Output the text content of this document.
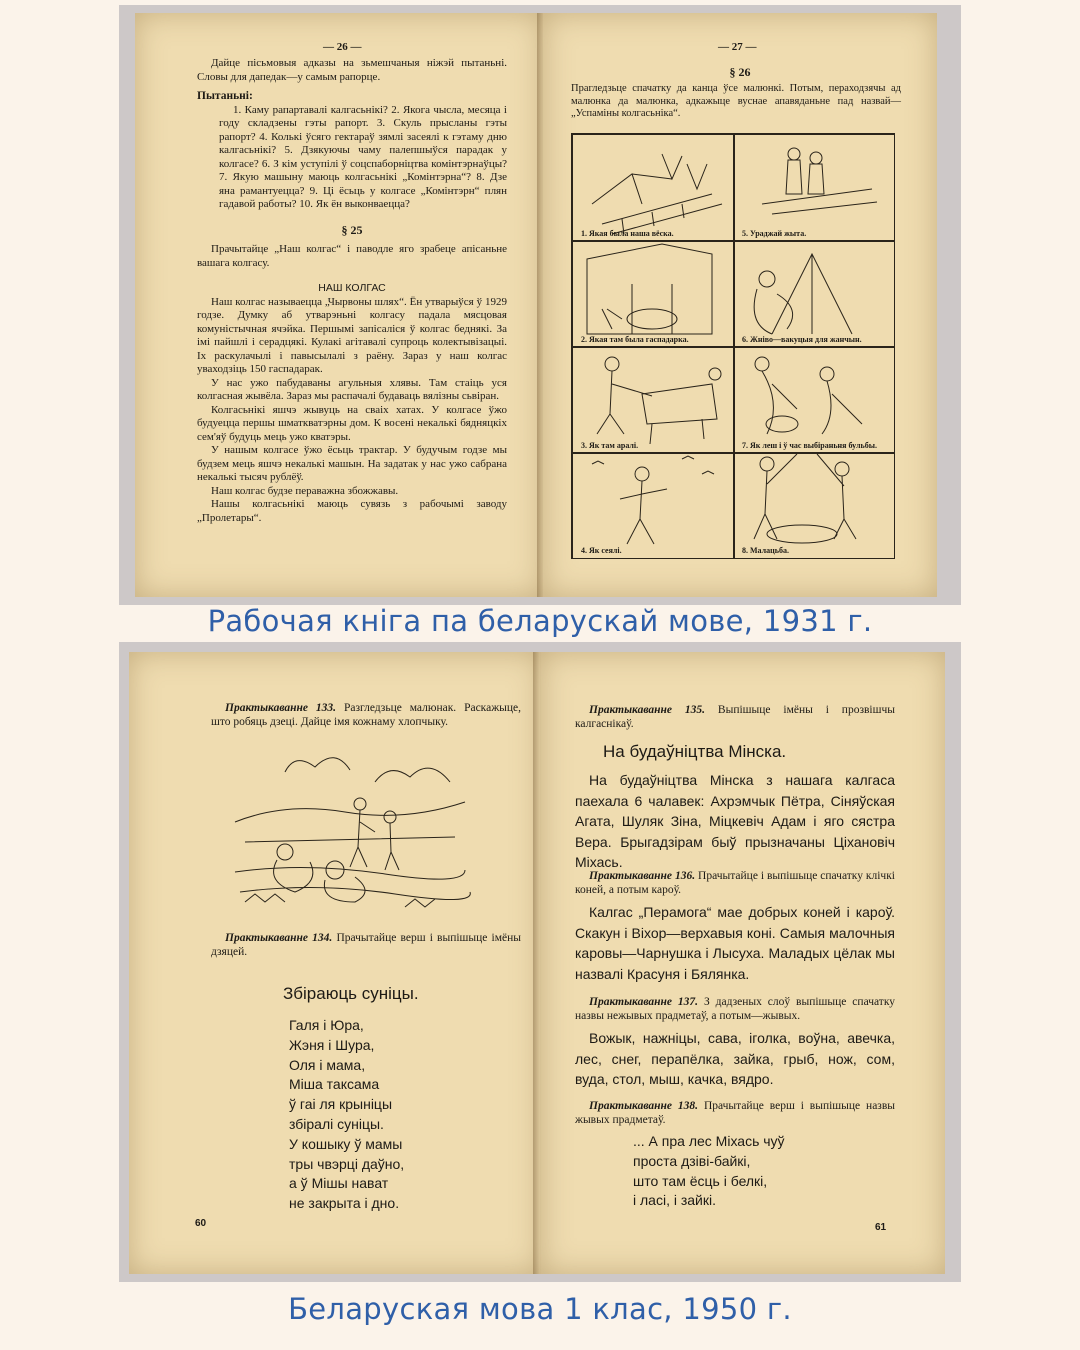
— 26 —

Дайце пісьмовыя адказы на зьмешчаныя ніжэй пытаньні. Словы для дапедак—у самым рапорце.

Пытаньні:

1. Каму рапартавалі калгасьнікі? 2. Якога чысла, месяца і году складзены гэты рапорт. 3. Скуль прысланы гэты рапорт? 4. Колькі ўсяго гектараў зямлі засеялі к гэтаму дню калгасьнікі? 5. Дзякуючы чаму палепшыўся парадак у колгасе? 6. З кім уступілі ў соцспаборніцтва комінтэрнаўцы? 7. Якую машыну маюць колгасьнікі „Комінтэрна“? 8. Дзе яна рамантуецца? 9. Ці ёсьць у колгасе „Комінтэрн“ плян гадавой работы? 10. Як ён выконваецца?

§ 25

Прачытайце „Наш колгас“ і паводле яго зрабеце апісаньне вашага колгасу.

НАШ КОЛГАС

Наш колгас называецца „Чырвоны шлях“. Ён утварыўся ў 1929 годзе. Думку аб утварэньні колгасу падала мясцовая комуністычная ячэйка. Першымі запісаліся ў колгас беднякі. За імі пайшлі і серадцякі. Кулакі агітавалі супроць колектывізацыі. Іх раскулачылі і павысылалі з раёну. Зараз у наш колгас уваходзіць 150 гаспадарак.

У нас ужо пабудаваны агульныя хлявы. Там стаіць уся колгасная жывёла. Зараз мы распачалі будаваць вялізны сьвіран.

Колгасьнікі яшчэ жывуць на сваіх хатах. У колгасе ўжо будуецца першы шматкватэрны дом. К восені некалькі бядняцкіх сем'яў будуць мець ужо кватэры.

У нашым колгасе ўжо ёсьць трактар. У будучым годзе мы будзем мець яшчэ некалькі машын. На задатак у нас ужо сабрана некалькі тысяч рублёў.

Наш колгас будзе пераважна збожжавы.

Нашы колгасьнікі маюць сувязь з рабочымі заводу „Пролетары“.

— 27 —
§ 26
Прагледзьце спачатку да канца ўсе малюнкі. Потым, пераходзячы ад малюнка да малюнка, адкажыце вуснае апавяданьне пад назвай—„Успаміны колгасьніка“.
1. Якая была наша вёска.	5. Ураджай жыта.
2. Якая там была гаспадарка.	6. Жніво—вакуцыя для жанчын.
3. Як там аралі.	7. Як леш і ў час выбіраньня бульбы.
4. Як сеялі.	8. Малацьба.
Рабочая кніга па беларускай мове, 1931 г.

Практыкаванне 133. Разгледзьце малюнак. Раскажыце, што робяць дзеці. Дайце імя кожнаму хлопчыку.

Практыкаванне 134. Прачытайце верш і выпішыце імёны дзяцей.

Збіраюць суніцы.
Галя і Юра,
Жэня і Шура,
Оля і мама,
Міша таксама
ў гаі ля крыніцы
збіралі суніцы.
У кошыку ў мамы
тры чвэрці даўно,
а ў Мішы нават
не закрыта і дно.
60

Практыкаванне 135. Выпішыце імёны і прозвішчы калгаснікаў.

На будаўніцтва Мінска.

На будаўніцтва Мінска з нашага калгаса паехала 6 чалавек: Ахрэмчык Пётра, Сіняўская Агата, Шуляк Зіна, Міцкевіч Адам і яго сястра Вера. Брыгадзірам быў прызначаны Ціхановіч Міхась.

Практыкаванне 136. Прачытайце і выпішыце спачатку клічкі коней, а потым кароў.

Калгас „Перамога“ мае добрых коней і кароў. Скакун і Віхор—верхавыя коні. Самыя малочныя каровы—Чарнушка і Лысуха. Маладых цёлак мы назвалі Красуня і Бялянка.

Практыкаванне 137. З дадзеных слоў выпішыце спачатку назвы нежывых прадметаў, а потым—жывых.

Вожык, нажніцы, сава, іголка, воўна, авечка, лес, снег, перапёлка, зайка, грыб, нож, сом, вуда, стол, мыш, качка, вядро.

Практыкаванне 138. Прачытайце верш і выпішыце назвы жывых прадметаў.

... А пра лес Міхась чуў
проста дзіві-байкі,
што там ёсць і белкі,
і ласі, і зайкі.
61
Беларуская мова 1 клас, 1950 г.
